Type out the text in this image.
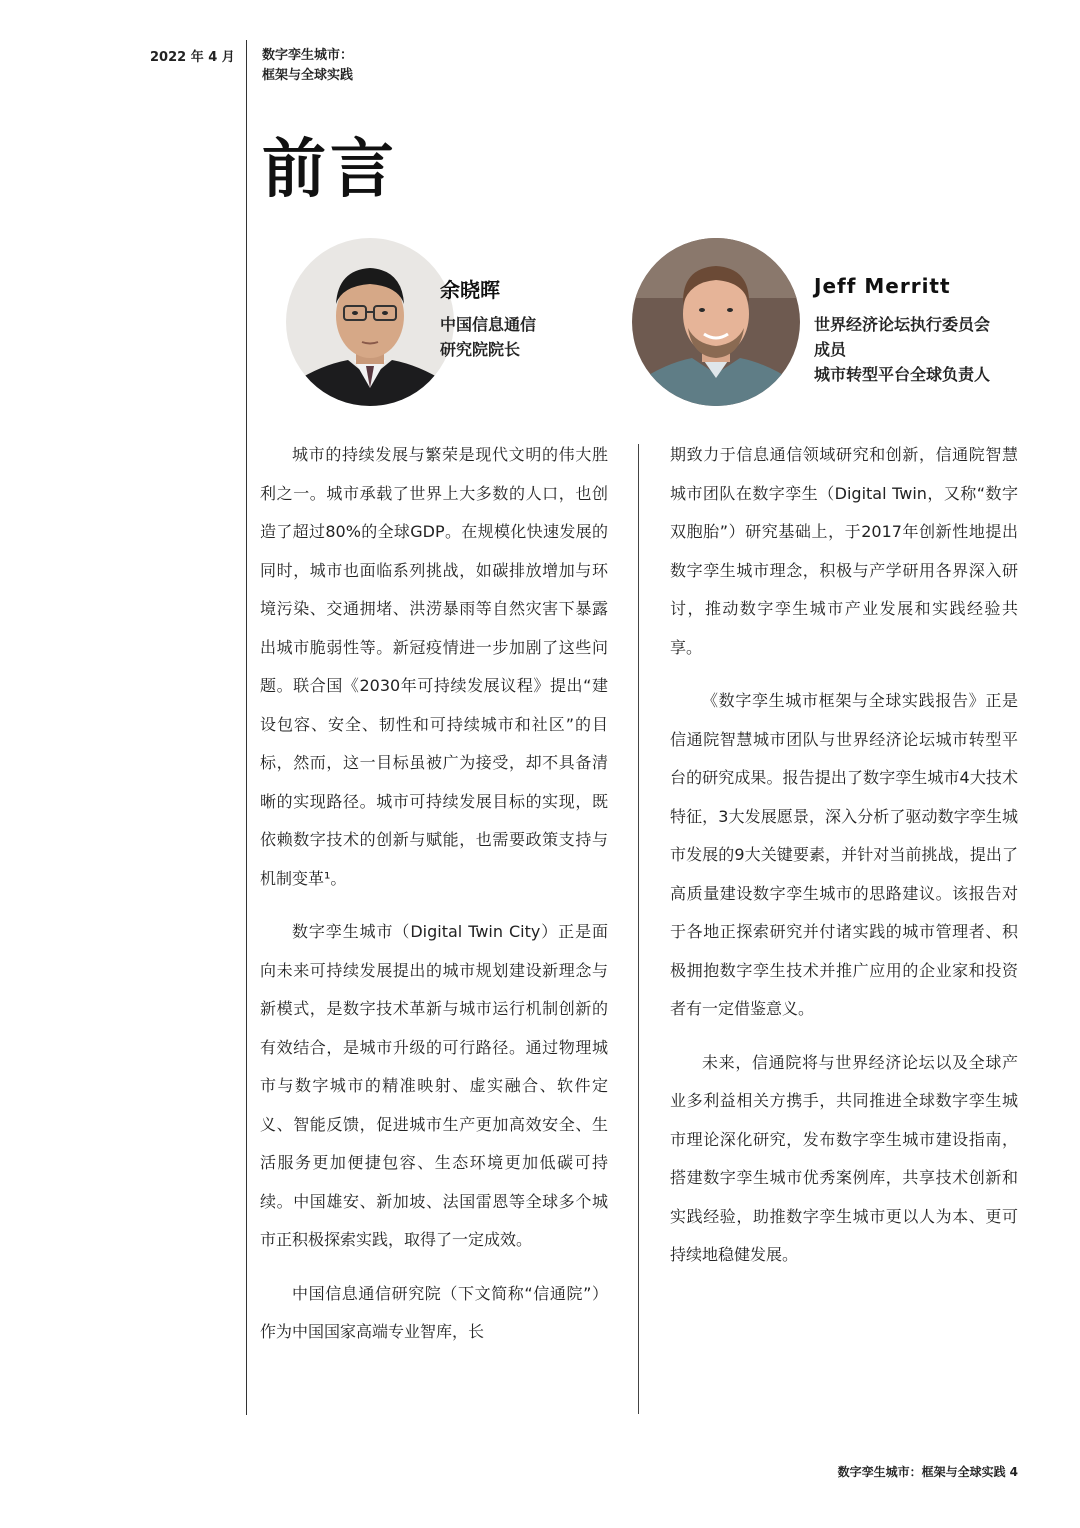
2022 年 4 月 数字孪生城市：
框架与全球实践
前言
余晓晖
中国信息通信
研究院院长
Jeff Merritt
世界经济论坛执行委员会
成员
城市转型平台全球负责人

城市的持续发展与繁荣是现代文明的伟大胜利之一。城市承载了世界上大多数的人口，也创造了超过80%的全球GDP。在规模化快速发展的同时，城市也面临系列挑战，如碳排放增加与环境污染、交通拥堵、洪涝暴雨等自然灾害下暴露出城市脆弱性等。新冠疫情进一步加剧了这些问题。联合国《2030年可持续发展议程》提出“建设包容、安全、韧性和可持续城市和社区”的目标，然而，这一目标虽被广为接受，却不具备清晰的实现路径。城市可持续发展目标的实现，既依赖数字技术的创新与赋能，也需要政策支持与机制变革¹。

数字孪生城市（Digital Twin City）正是面向未来可持续发展提出的城市规划建设新理念与新模式，是数字技术革新与城市运行机制创新的有效结合，是城市升级的可行路径。通过物理城市与数字城市的精准映射、虚实融合、软件定义、智能反馈，促进城市生产更加高效安全、生活服务更加便捷包容、生态环境更加低碳可持续。中国雄安、新加坡、法国雷恩等全球多个城市正积极探索实践，取得了一定成效。

中国信息通信研究院（下文简称“信通院”）作为中国国家高端专业智库，长

期致力于信息通信领域研究和创新，信通院智慧城市团队在数字孪生（Digital Twin，又称“数字双胞胎”）研究基础上，于2017年创新性地提出数字孪生城市理念，积极与产学研用各界深入研讨，推动数字孪生城市产业发展和实践经验共享。

《数字孪生城市框架与全球实践报告》正是信通院智慧城市团队与世界经济论坛城市转型平台的研究成果。报告提出了数字孪生城市4大技术特征，3大发展愿景，深入分析了驱动数字孪生城市发展的9大关键要素，并针对当前挑战，提出了高质量建设数字孪生城市的思路建议。该报告对于各地正探索研究并付诸实践的城市管理者、积极拥抱数字孪生技术并推广应用的企业家和投资者有一定借鉴意义。

未来，信通院将与世界经济论坛以及全球产业多利益相关方携手，共同推进全球数字孪生城市理论深化研究，发布数字孪生城市建设指南，搭建数字孪生城市优秀案例库，共享技术创新和实践经验，助推数字孪生城市更以人为本、更可持续地稳健发展。

数字孪生城市：框架与全球实践 4
